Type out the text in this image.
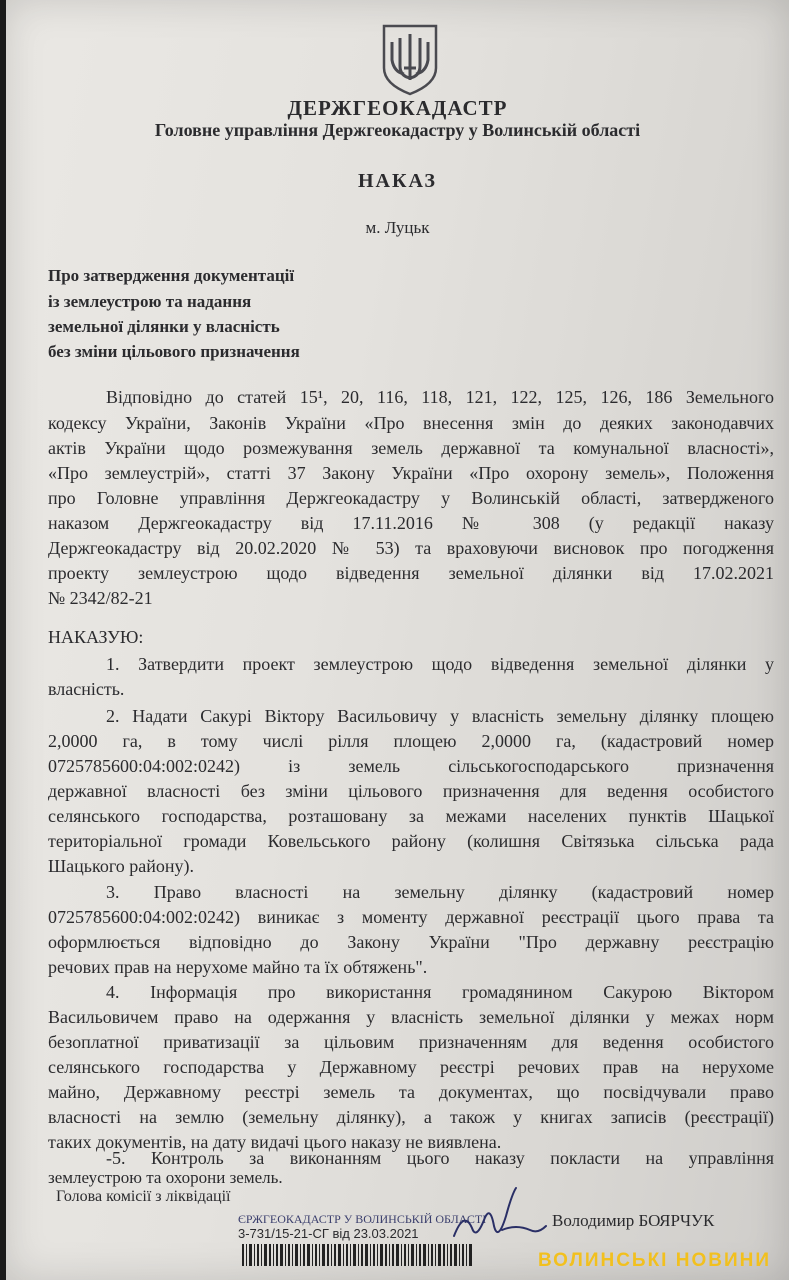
ДЕРЖГЕОКАДАСТР
Головне управління Держгеокадастру у Волинській області
НАКАЗ
м. Луцьк
Про затвердження документації
із землеустрою та надання
земельної ділянки у власність
без зміни цільового призначення
Відповідно до статей 15¹, 20, 116, 118, 121, 122, 125, 126, 186 Земельного
кодексу України, Законів України «Про внесення змін до деяких законодавчих
актів України щодо розмежування земель державної та комунальної власності»,
«Про землеустрій», статті 37 Закону України «Про охорону земель», Положення
про Головне управління Держгеокадастру у Волинській області, затвердженого
наказом Держгеокадастру від 17.11.2016 № 308 (у редакції наказу
Держгеокадастру від 20.02.2020 № 53) та враховуючи висновок про погодження
проекту землеустрою щодо відведення земельної ділянки від 17.02.2021
№ 2342/82-21
НАКАЗУЮ:
1. Затвердити проект землеустрою щодо відведення земельної ділянки у
власність.
2. Надати Сакурі Віктору Васильовичу у власність земельну ділянку площею
2,0000 га, в тому числі рілля площею 2,0000 га, (кадастровий номер
0725785600:04:002:0242) із земель сільськогосподарського призначення
державної власності без зміни цільового призначення для ведення особистого
селянського господарства, розташовану за межами населених пунктів Шацької
територіальної громади Ковельського району (колишня Світязька сільська рада
Шацького району).
3. Право власності на земельну ділянку (кадастровий номер
0725785600:04:002:0242) виникає з моменту державної реєстрації цього права та
оформлюється відповідно до Закону України "Про державну реєстрацію
речових прав на нерухоме майно та їх обтяжень".
4. Інформація про використання громадянином Сакурою Віктором
Васильовичем право на одержання у власність земельної ділянки у межах норм
безоплатної приватизації за цільовим призначенням для ведення особистого
селянського господарства у Державному реєстрі речових прав на нерухоме
майно, Державному реєстрі земель та документах, що посвідчували право
власності на землю (земельну ділянку), а також у книгах записів (реєстрації)
таких документів, на дату видачі цього наказу не виявлена.
-5. Контроль за виконанням цього наказу покласти на управління
землеустрою та охорони земель.
Голова комісії з ліквідації
ЄРЖГЕОКАДАСТР У ВОЛИНСЬКІЙ ОБЛАСТІ
3-731/15-21-СГ від 23.03.2021
Володимир БОЯРЧУК
ВОЛИНСЬКІ НОВИНИ
